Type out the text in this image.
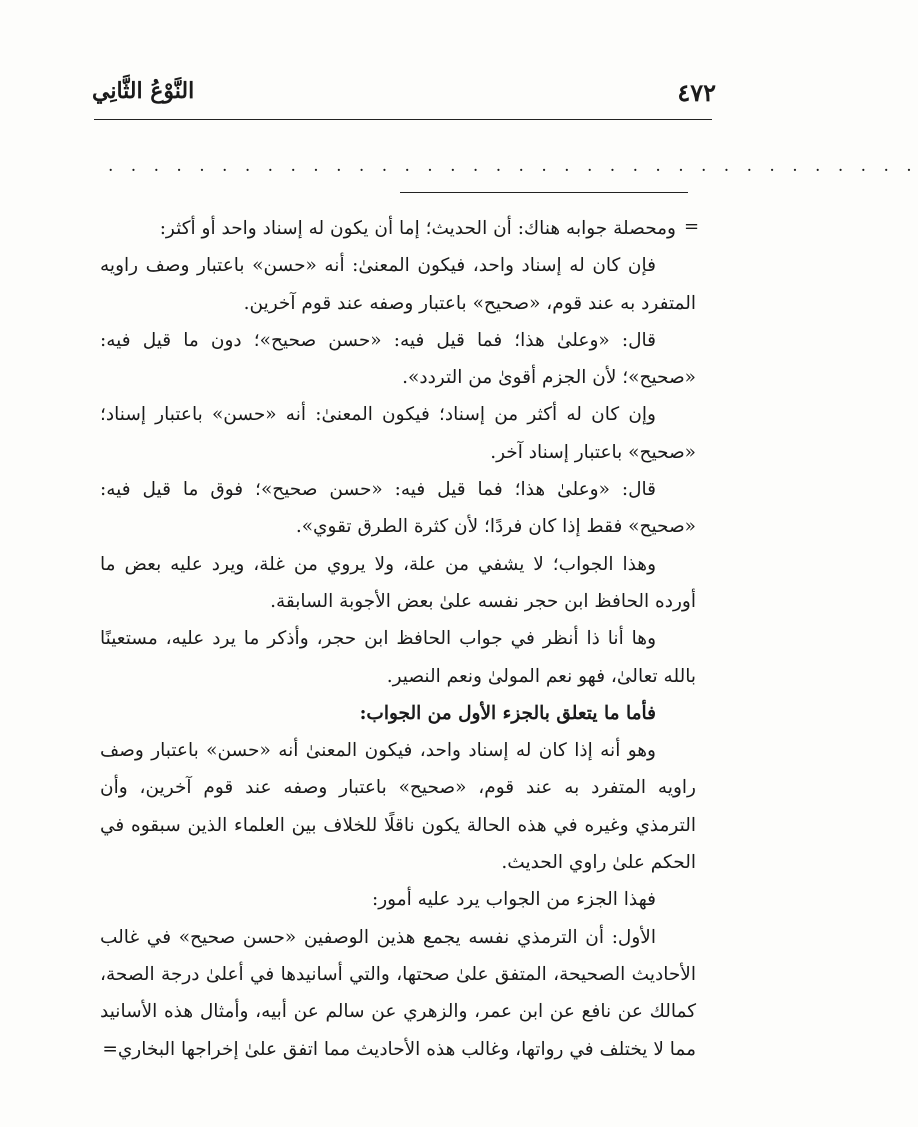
٤٧٢
النَّوْعُ الثَّانِي
. . . . . . . . . . . . . . . . . . . . . . . . . . . . . . . . . . . .
=

ومحصلة جوابه هناك: أن الحديث؛ إما أن يكون له إسناد واحد أو أكثر:

فإن كان له إسناد واحد، فيكون المعنىٰ: أنه «حسن» باعتبار وصف راويه المتفرد به عند قوم، «صحيح» باعتبار وصفه عند قوم آخرين.

قال: «وعلىٰ هذا؛ فما قيل فيه: «حسن صحيح»؛ دون ما قيل فيه: «صحيح»؛ لأن الجزم أقوىٰ من التردد».

وإن كان له أكثر من إسناد؛ فيكون المعنىٰ: أنه «حسن» باعتبار إسناد؛ «صحيح» باعتبار إسناد آخر.

قال: «وعلىٰ هذا؛ فما قيل فيه: «حسن صحيح»؛ فوق ما قيل فيه: «صحيح» فقط إذا كان فردًا؛ لأن كثرة الطرق تقوي».

وهذا الجواب؛ لا يشفي من علة، ولا يروي من غلة، ويرد عليه بعض ما أورده الحافظ ابن حجر نفسه علىٰ بعض الأجوبة السابقة.

وها أنا ذا أنظر في جواب الحافظ ابن حجر، وأذكر ما يرد عليه، مستعينًا بالله تعالىٰ، فهو نعم المولىٰ ونعم النصير.

فأما ما يتعلق بالجزء الأول من الجواب:

وهو أنه إذا كان له إسناد واحد، فيكون المعنىٰ أنه «حسن» باعتبار وصف راويه المتفرد به عند قوم، «صحيح» باعتبار وصفه عند قوم آخرين، وأن الترمذي وغيره في هذه الحالة يكون ناقلًا للخلاف بين العلماء الذين سبقوه في الحكم علىٰ راوي الحديث.

فهذا الجزء من الجواب يرد عليه أمور:

الأول: أن الترمذي نفسه يجمع هذين الوصفين «حسن صحيح» في غالب الأحاديث الصحيحة، المتفق علىٰ صحتها، والتي أسانيدها في أعلىٰ درجة الصحة، كمالك عن نافع عن ابن عمر، والزهري عن سالم عن أبيه، وأمثال هذه الأسانيد مما لا يختلف في رواتها، وغالب هذه الأحاديث مما اتفق علىٰ إخراجها البخاري=
